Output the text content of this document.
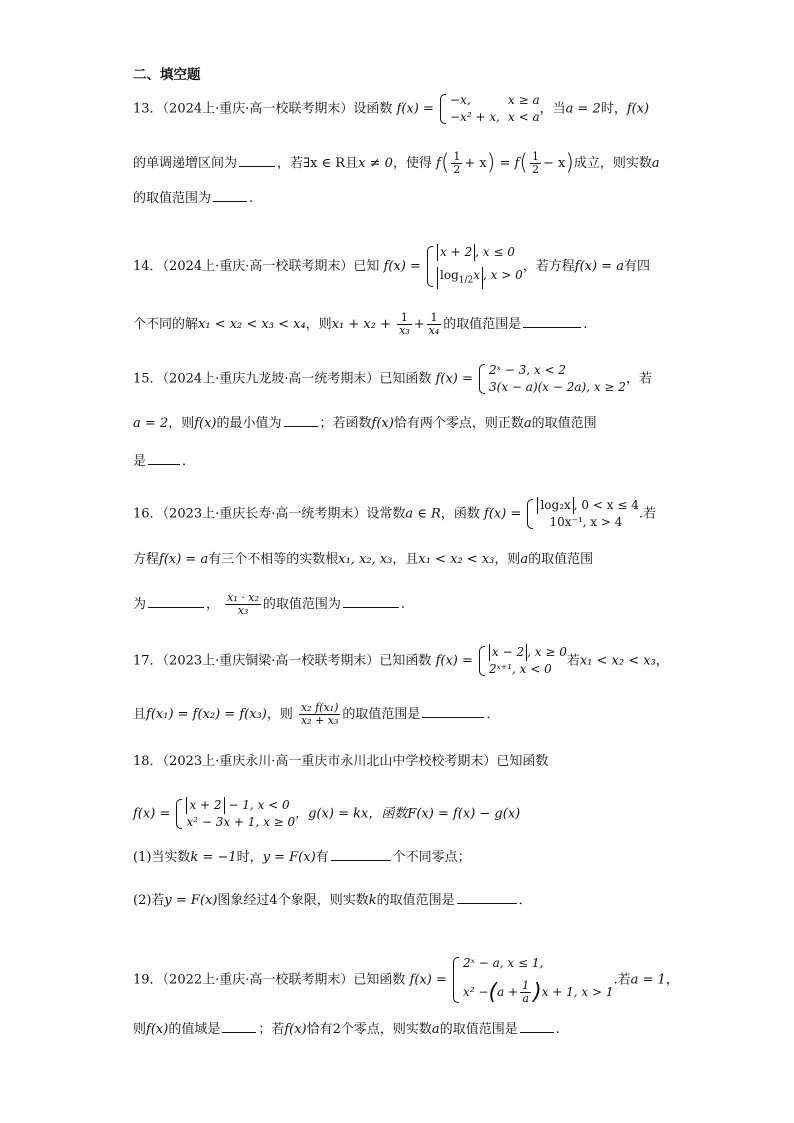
二、填空题
13．（2024上·重庆·高一校联考期末）设函数 f(x) =
−x,	x ≥ a
−x² + x, x < a
，当a = 2时，f(x)
的单调递增区间为	，若∃x ∈ R且x ≠ 0，使得 $f( \frac{1}{2} + x) = f( \frac{1}{2} - x)$成立，则实数a
的取值范围为	.
14．（2024上·重庆·高一校联考期末）已知 f(x) =
x + 2 , x ≤ 0
$\log_{1/2}x$ , x > 0
，若方程f(x) = a有四
个不同的解x₁ < x₂ < x₃ < x₄，则$x_1 + x_2 + \frac{1}{\text{x₃}} + \frac{1}{\text{x₄}}$ 的取值范围是	.
15．（2024上·重庆九龙坡·高一统考期末）已知函数 f(x) =
2ˣ − 3, x < 2
3(x − a)(x − 2a), x ≥ 2
，若
a = 2，则f(x)的最小值为	；若函数f(x)恰有两个零点，则正数a的取值范围
是	．
16．（2023上·重庆长寿·高一统考期末）设常数a ∈ R，函数 f(x) =
log₂x , 0 < x ≤ 4
10x⁻¹, x > 4
.若
方程f(x) = a有三个不相等的实数根x₁, x₂, x₃，且x₁ < x₂ < x₃，则a的取值范围
为	， $\frac{\text{x₁ · x₂}}{\text{x₃}}$ 的取值范围为	.
17．（2023上·重庆铜梁·高一校联考期末）已知函数 f(x) =
x − 2 , x ≥ 0
2ˣ⁺¹, x < 0
若x₁ < x₂ < x₃，
且f(x₁) = f(x₂) = f(x₃)，则 $\frac{\text{x₂ f(x₁)}}{\text{x₂ + x₃}}$ 的取值范围是	．
18．（2023上·重庆永川·高一重庆市永川北山中学校校考期末）已知函数
f(x) =
x + 2 − 1, x < 0
x² − 3x + 1, x ≥ 0
，g(x) = kx，函数F(x) = f(x) − g(x)
(1)当实数k = −1时，y = F(x)有	个不同零点；
(2)若y = F(x)图象经过4个象限，则实数k的取值范围是	．
19．（2022上·重庆·高一校联考期末）已知函数 f(x) =
2ˣ − a, x ≤ 1,
$x^2 -(a + \frac{1}{a} )x + 1$, x > 1
.若a = 1，
则f(x)的值域是	；若f(x)恰有2个零点，则实数a的取值范围是	.
